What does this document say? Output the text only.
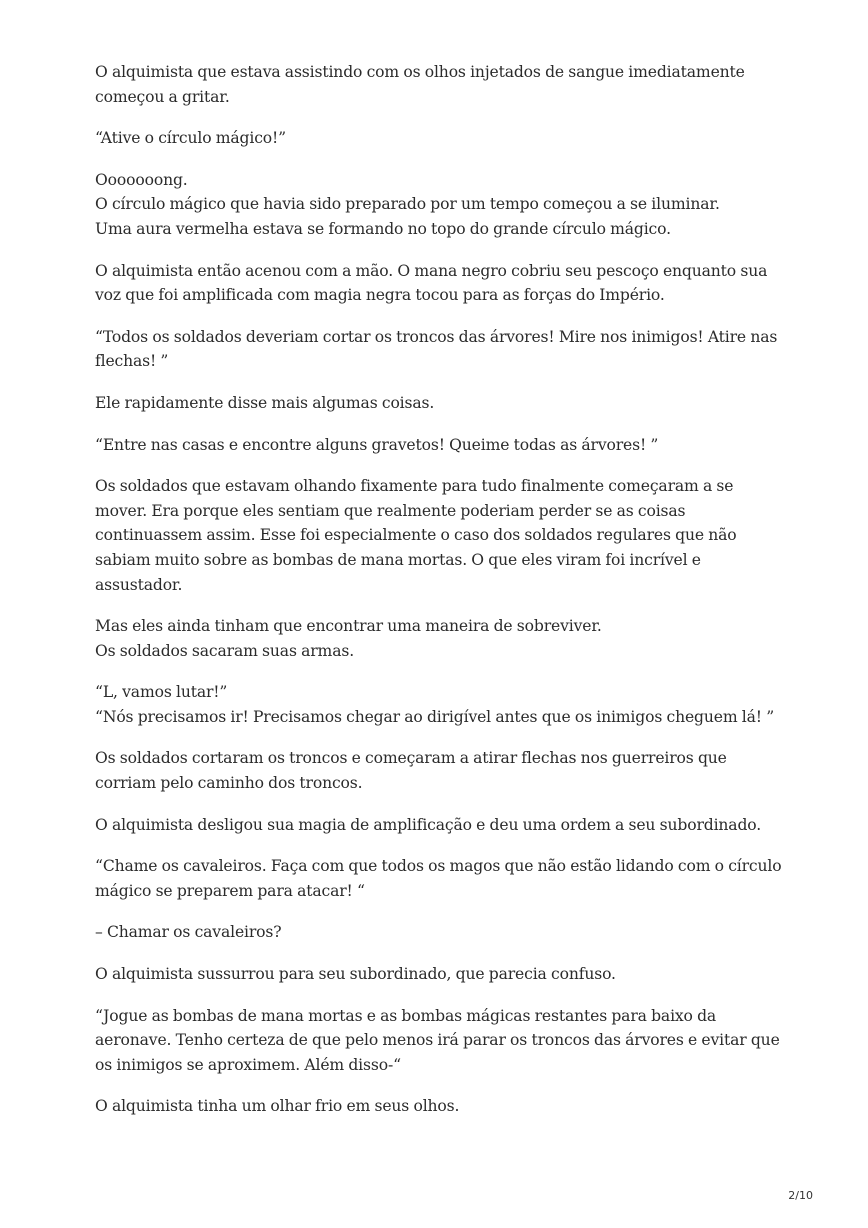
O alquimista que estava assistindo com os olhos injetados de sangue imediatamente
começou a gritar.

“Ative o círculo mágico!”

Ooooooong.
O círculo mágico que havia sido preparado por um tempo começou a se iluminar.
Uma aura vermelha estava se formando no topo do grande círculo mágico.

O alquimista então acenou com a mão. O mana negro cobriu seu pescoço enquanto sua
voz que foi amplificada com magia negra tocou para as forças do Império.

“Todos os soldados deveriam cortar os troncos das árvores! Mire nos inimigos! Atire nas
flechas! ”

Ele rapidamente disse mais algumas coisas.

“Entre nas casas e encontre alguns gravetos! Queime todas as árvores! ”

Os soldados que estavam olhando fixamente para tudo finalmente começaram a se
mover. Era porque eles sentiam que realmente poderiam perder se as coisas
continuassem assim. Esse foi especialmente o caso dos soldados regulares que não
sabiam muito sobre as bombas de mana mortas. O que eles viram foi incrível e
assustador.

Mas eles ainda tinham que encontrar uma maneira de sobreviver.
Os soldados sacaram suas armas.

“L, vamos lutar!”
“Nós precisamos ir! Precisamos chegar ao dirigível antes que os inimigos cheguem lá! ”

Os soldados cortaram os troncos e começaram a atirar flechas nos guerreiros que
corriam pelo caminho dos troncos.

O alquimista desligou sua magia de amplificação e deu uma ordem a seu subordinado.

“Chame os cavaleiros. Faça com que todos os magos que não estão lidando com o círculo
mágico se preparem para atacar! “

– Chamar os cavaleiros?

O alquimista sussurrou para seu subordinado, que parecia confuso.

“Jogue as bombas de mana mortas e as bombas mágicas restantes para baixo da
aeronave. Tenho certeza de que pelo menos irá parar os troncos das árvores e evitar que
os inimigos se aproximem. Além disso-“

O alquimista tinha um olhar frio em seus olhos.

2/10
